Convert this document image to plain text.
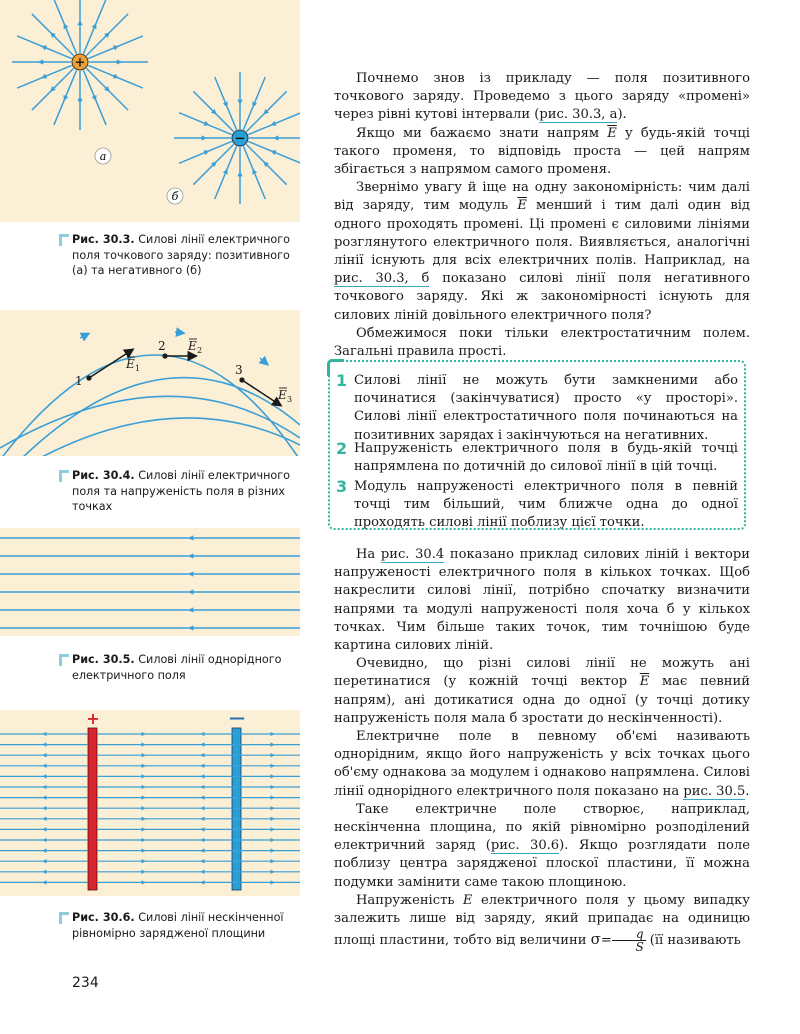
+
−
а
б
Рис. 30.3. Силові лінії електричного поля точкового заряду: позитивного (а) та негативного (б)
1
2
3
E 1
E 2
E 3
Рис. 30.4. Силові лінії електричного поля та напруженість поля в різних точках
Рис. 30.5. Силові лінії однорідного електричного поля
+	—
Рис. 30.6. Силові лінії нескінченної рівномірно зарядженої площини

Почнемо знов із прикладу — поля позитивного точкового заряду. Проведемо з цього заряду «промені» через рівні кутові інтервали (рис. 30.3, а).

Якщо ми бажаємо знати напрям $\overline{E}$ у будь-якій точці такого променя, то відповідь проста — цей напрям збігається з напрямом самого променя.

Звернімо увагу й іще на одну закономірність: чим далі від заряду, тим модуль $\overline{E}$ менший і тим далі один від одного проходять промені. Ці промені є силовими лініями розглянутого електричного поля. Виявляється, аналогічні лінії існують для всіх електричних полів. Наприклад, на рис. 30.3, б показано силові лінії поля негативного точкового заряду. Які ж закономірності існують для силових ліній довільного електричного поля?

Обмежимося поки тільки електростатичним полем. Загальні правила прості.

1 Силові лінії не можуть бути замкненими або починатися (закінчуватися) просто «у просторі». Силові лінії електростатичного поля починаються на позитивних зарядах і закінчуються на негативних.
2 Напруженість електричного поля в будь-якій точці напрямлена по дотичній до силової лінії в цій точці.
3 Модуль напруженості електричного поля в певній точці тим більший, чим ближче одна до одної проходять силові лінії поблизу цієї точки.

На рис. 30.4 показано приклад силових ліній і вектори напруженості електричного поля в кількох точках. Щоб накреслити силові лінії, потрібно спочатку визначити напрями та модулі напруженості поля хоча б у кількох точках. Чим більше таких точок, тим точнішою буде картина силових ліній.

Очевидно, що різні силові лінії не можуть ані перетинатися (у кожній точці вектор $\overline{E}$ має певний напрям), ані дотикатися одна до одної (у точці дотику напруженість поля мала б зростати до нескінченності).

Електричне поле в певному об'ємі називають однорідним, якщо його напруженість у всіх точках цього об'єму однакова за модулем і однаково напрямлена. Силові лінії однорідного електричного поля показано на рис. 30.5.

Таке електричне поле створює, наприклад, нескінченна площина, по якій рівномірно розподілений електричний заряд (рис. 30.6). Якщо розглядати поле поблизу центра зарядженої плоскої пластини, її можна подумки замінити саме такою площиною.

Напруженість E електричного поля у цьому випадку залежить лише від заряду, який припадає на одиницю площі пластини, тобто від величини $\sigma= \frac{q}{S} (її$ називають

234
